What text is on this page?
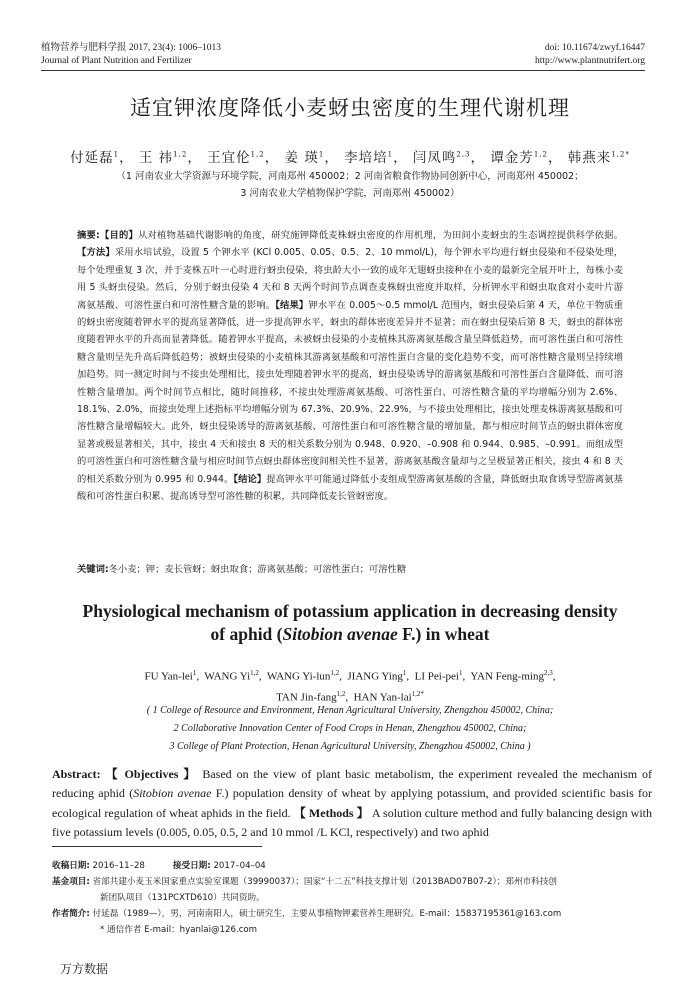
植物营养与肥料学报 2017, 23(4): 1006–1013
Journal of Plant Nutrition and Fertilizer
doi: 10.11674/zwyf.16447
http://www.plantnutrifert.org
适宜钾浓度降低小麦蚜虫密度的生理代谢机理
付延磊$^1$， 王 祎$^{1,2}$， 王宜伦$^{1,2}$， 姜 瑛$^1$， 李培培$^1$， 闫凤鸣$^{2,3}$， 谭金芳$^{1,2}$， 韩燕来$^{1,2*}$
（1 河南农业大学资源与环境学院，河南郑州 450002；2 河南省粮食作物协同创新中心，河南郑州 450002；
3 河南农业大学植物保护学院，河南郑州 450002）
摘要:【目的】从对植物基础代谢影响的角度，研究施钾降低麦株蚜虫密度的作用机理，为田间小麦蚜虫的生态调控提供科学依据。【方法】采用水培试验，设置 5 个钾水平 (KCl 0.005、0.05、0.5、2、10 mmol/L)，每个钾水平均进行蚜虫侵染和不侵染处理，每个处理重复 3 次，并于麦株五叶一心时进行蚜虫侵染，将虫龄大小一致的成年无翅蚜虫接种在小麦的最新完全展开叶上，每株小麦用 5 头蚜虫侵染。然后，分别于蚜虫侵染 4 天和 8 天两个时间节点调查麦株蚜虫密度并取样，分析钾水平和蚜虫取食对小麦叶片游离氨基酸、可溶性蛋白和可溶性糖含量的影响。【结果】钾水平在 0.005～0.5 mmol/L 范围内，蚜虫侵染后第 4 天，单位干物质重的蚜虫密度随着钾水平的提高显著降低，进一步提高钾水平，蚜虫的群体密度差异并不显著；而在蚜虫侵染后第 8 天，蚜虫的群体密度随着钾水平的升高而显著降低。随着钾水平提高，未被蚜虫侵染的小麦植株其游离氨基酸含量呈降低趋势，而可溶性蛋白和可溶性糖含量则呈先升高后降低趋势；被蚜虫侵染的小麦植株其游离氨基酸和可溶性蛋白含量的变化趋势不变，而可溶性糖含量则呈持续增加趋势。同一测定时间与不接虫处理相比，接虫处理随着钾水平的提高，蚜虫侵染诱导的游离氨基酸和可溶性蛋白含量降低、而可溶性糖含量增加。两个时间节点相比，随时间推移，不接虫处理游离氨基酸、可溶性蛋白、可溶性糖含量的平均增幅分别为 2.6%、18.1%、2.0%，而接虫处理上述指标平均增幅分别为 67.3%、20.9%、22.9%，与不接虫处理相比，接虫处理麦株游离氨基酸和可溶性糖含量增幅较大。此外，蚜虫侵染诱导的游离氨基酸、可溶性蛋白和可溶性糖含量的增加量，都与相应时间节点的蚜虫群体密度显著或极显著相关，其中，接虫 4 天和接虫 8 天的相关系数分别为 0.948、0.920、–0.908 和 0.944、0.985、–0.991。而组成型的可溶性蛋白和可溶性糖含量与相应时间节点蚜虫群体密度间相关性不显著，游离氨基酸含量却与之呈极显著正相关，接虫 4 和 8 天的相关系数分别为 0.995 和 0.944。【结论】提高钾水平可能通过降低小麦组成型游离氨基酸的含量，降低蚜虫取食诱导型游离氨基酸和可溶性蛋白积累、提高诱导型可溶性糖的积累，共同降低麦长管蚜密度。
关键词:冬小麦；钾；麦长管蚜；蚜虫取食；游离氨基酸；可溶性蛋白；可溶性糖
Physiological mechanism of potassium application in decreasing density
of aphid (Sitobion avenae F.) in wheat
FU Yan-lei$^1$,  WANG Yi$^{1,2}$,  WANG Yi-lun$^{1,2}$,  JIANG Ying$^1$,  LI Pei-pei$^1$,  YAN Feng-ming$^{2,3}$,
TAN Jin-fang$^{1,2}$,  HAN Yan-lai$^{1,2*}$
( 1 College of Resource and Environment, Henan Agricultural University, Zhengzhou 450002, China;
2 Collaborative Innovation Center of Food Crops in Henan, Zhengzhou 450002, China;
3 College of Plant Protection, Henan Agricultural University, Zhengzhou 450002, China )
Abstract: 【 Objectives 】 Based on the view of plant basic metabolism, the experiment revealed the mechanism of reducing aphid (Sitobion avenae F.) population density of wheat by applying potassium, and provided scientific basis for ecological regulation of wheat aphids in the field. 【 Methods 】 A solution culture method and fully balancing design with five potassium levels (0.005, 0.05, 0.5, 2 and 10 mmol /L KCl, respectively) and two aphid
收稿日期:
2016–11–28	接受日期:
2017–04–04
基金项目:
省部共建小麦玉米国家重点实验室课题（39990037）；国家“十二五”科技支撑计划（2013BAD07B07-2）；郑州市科技创
新团队项目（131PCXTD610）共同资助。
作者简介:
付延磊（1989—），男，河南南阳人，硕士研究生，主要从事植物钾素营养生理研究。E-mail：15837195361@163.com
* 通信作者 E-mail：hyanlai@126.com
万方数据
